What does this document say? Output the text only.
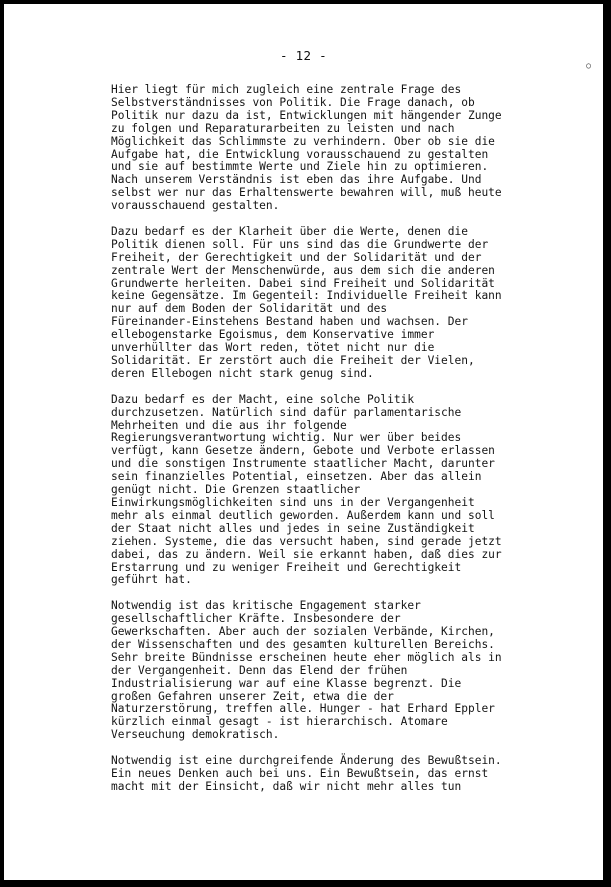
- 12 -
○

Hier liegt für mich zugleich eine zentrale Frage des
Selbstverständnisses von Politik. Die Frage danach, ob
Politik nur dazu da ist, Entwicklungen mit hängender Zunge
zu folgen und Reparaturarbeiten zu leisten und nach
Möglichkeit das Schlimmste zu verhindern. Ober ob sie die
Aufgabe hat, die Entwicklung vorausschauend zu gestalten
und sie auf bestimmte Werte und Ziele hin zu optimieren.
Nach unserem Verständnis ist eben das ihre Aufgabe. Und
selbst wer nur das Erhaltenswerte bewahren will, muß heute
vorausschauend gestalten.

Dazu bedarf es der Klarheit über die Werte, denen die
Politik dienen soll. Für uns sind das die Grundwerte der
Freiheit, der Gerechtigkeit und der Solidarität und der
zentrale Wert der Menschenwürde, aus dem sich die anderen
Grundwerte herleiten. Dabei sind Freiheit und Solidarität
keine Gegensätze. Im Gegenteil: Individuelle Freiheit kann
nur auf dem Boden der Solidarität und des
Füreinander-Einstehens Bestand haben und wachsen. Der
ellebogenstarke Egoismus, dem Konservative immer
unverhüllter das Wort reden, tötet nicht nur die
Solidarität. Er zerstört auch die Freiheit der Vielen,
deren Ellebogen nicht stark genug sind.

Dazu bedarf es der Macht, eine solche Politik
durchzusetzen. Natürlich sind dafür parlamentarische
Mehrheiten und die aus ihr folgende
Regierungsverantwortung wichtig. Nur wer über beides
verfügt, kann Gesetze ändern, Gebote und Verbote erlassen
und die sonstigen Instrumente staatlicher Macht, darunter
sein finanzielles Potential, einsetzen. Aber das allein
genügt nicht. Die Grenzen staatlicher
Einwirkungsmöglichkeiten sind uns in der Vergangenheit
mehr als einmal deutlich geworden. Außerdem kann und soll
der Staat nicht alles und jedes in seine Zuständigkeit
ziehen. Systeme, die das versucht haben, sind gerade jetzt
dabei, das zu ändern. Weil sie erkannt haben, daß dies zur
Erstarrung und zu weniger Freiheit und Gerechtigkeit
geführt hat.

Notwendig ist das kritische Engagement starker
gesellschaftlicher Kräfte. Insbesondere der
Gewerkschaften. Aber auch der sozialen Verbände, Kirchen,
der Wissenschaften und des gesamten kulturellen Bereichs.
Sehr breite Bündnisse erscheinen heute eher möglich als in
der Vergangenheit. Denn das Elend der frühen
Industrialisierung war auf eine Klasse begrenzt. Die
großen Gefahren unserer Zeit, etwa die der
Naturzerstörung, treffen alle. Hunger - hat Erhard Eppler
kürzlich einmal gesagt - ist hierarchisch. Atomare
Verseuchung demokratisch.

Notwendig ist eine durchgreifende Änderung des Bewußtsein.
Ein neues Denken auch bei uns. Ein Bewußtsein, das ernst
macht mit der Einsicht, daß wir nicht mehr alles tun
